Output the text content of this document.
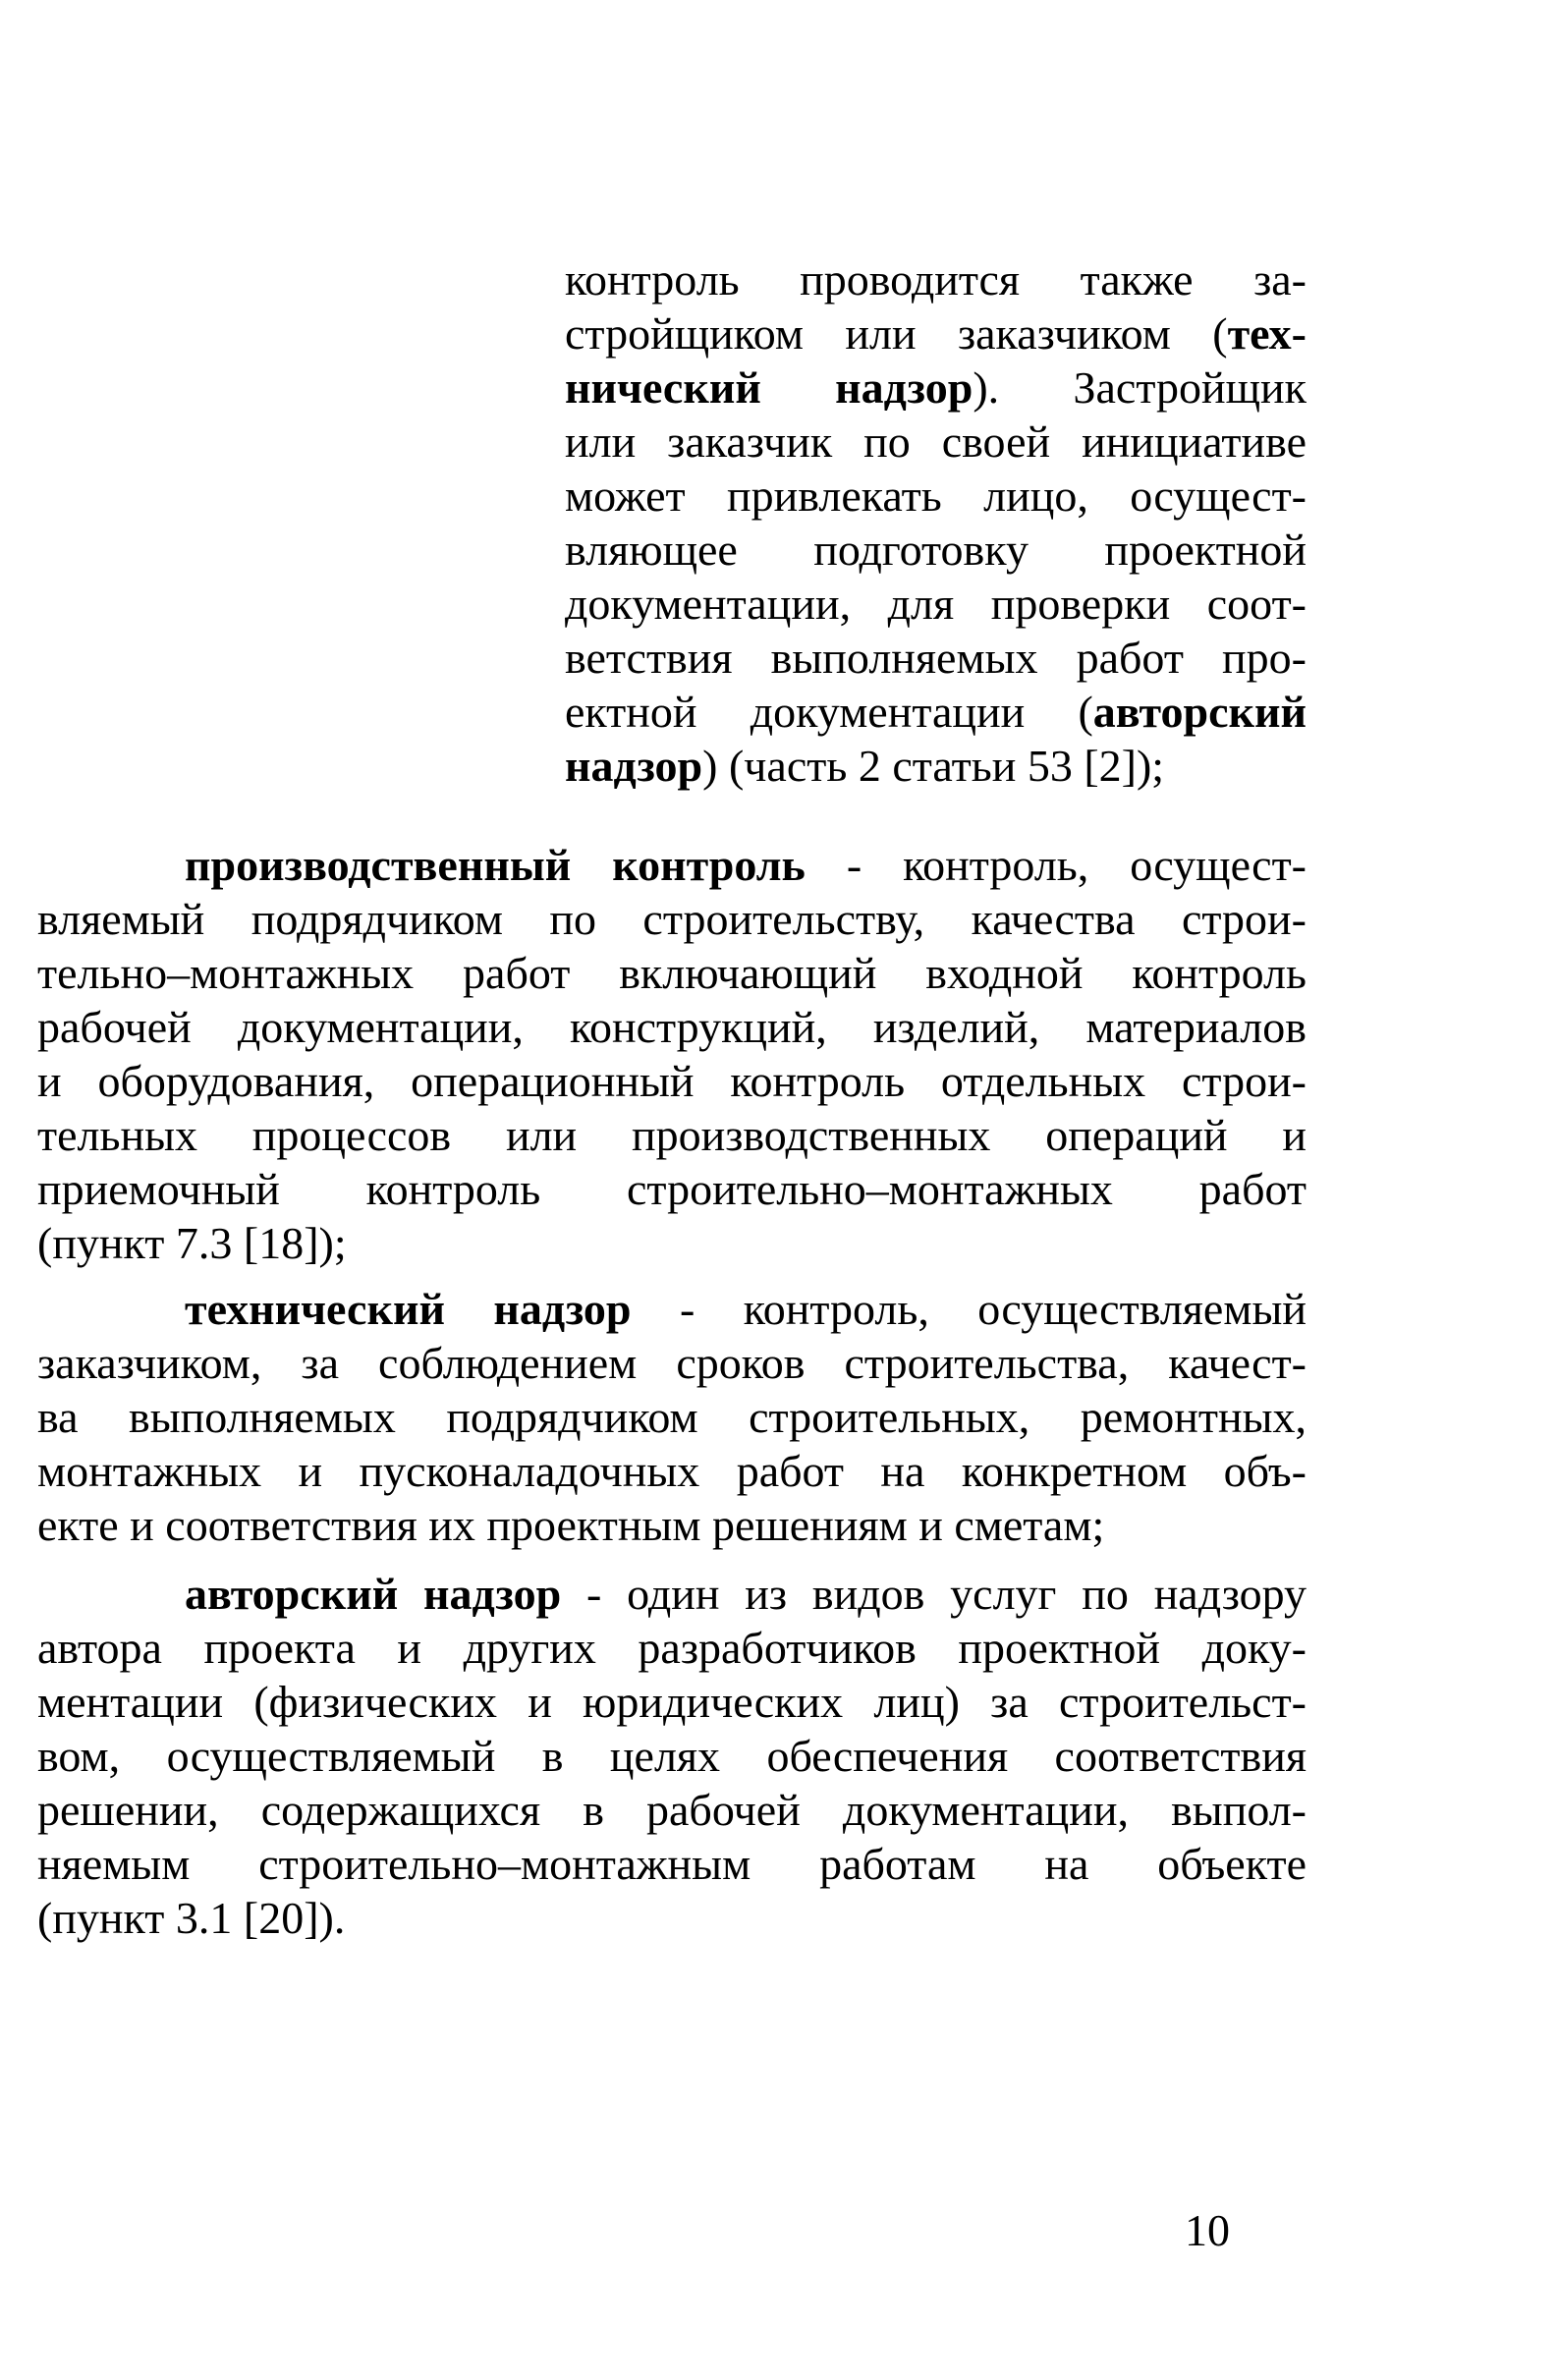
контроль проводится также за-

стройщиком или заказчиком (тех-

нический надзор). Застройщик

или заказчик по своей инициативе

может привлекать лицо, осущест-

вляющее подготовку проектной

документации, для проверки соот-

ветствия выполняемых работ про-

ектной документации (авторский

надзор) (часть 2 статьи 53 [2]);

производственный контроль - контроль, осущест-

вляемый подрядчиком по строительству, качества строи-

тельно–монтажных работ включающий входной контроль

рабочей документации, конструкций, изделий, материалов

и оборудования, операционный контроль отдельных строи-

тельных процессов или производственных операций и

приемочный контроль строительно–монтажных работ

(пункт 7.3 [18]);

технический надзор - контроль, осуществляемый

заказчиком, за соблюдением сроков строительства, качест-

ва выполняемых подрядчиком строительных, ремонтных,

монтажных и пусконаладочных работ на конкретном объ-

екте и соответствия их проектным решениям и сметам;

авторский надзор - один из видов услуг по надзору

автора проекта и других разработчиков проектной доку-

ментации (физических и юридических лиц) за строительст-

вом, осуществляемый в целях обеспечения соответствия

решении, содержащихся в рабочей документации, выпол-

няемым строительно–монтажным работам на объекте

(пункт 3.1 [20]).

10
